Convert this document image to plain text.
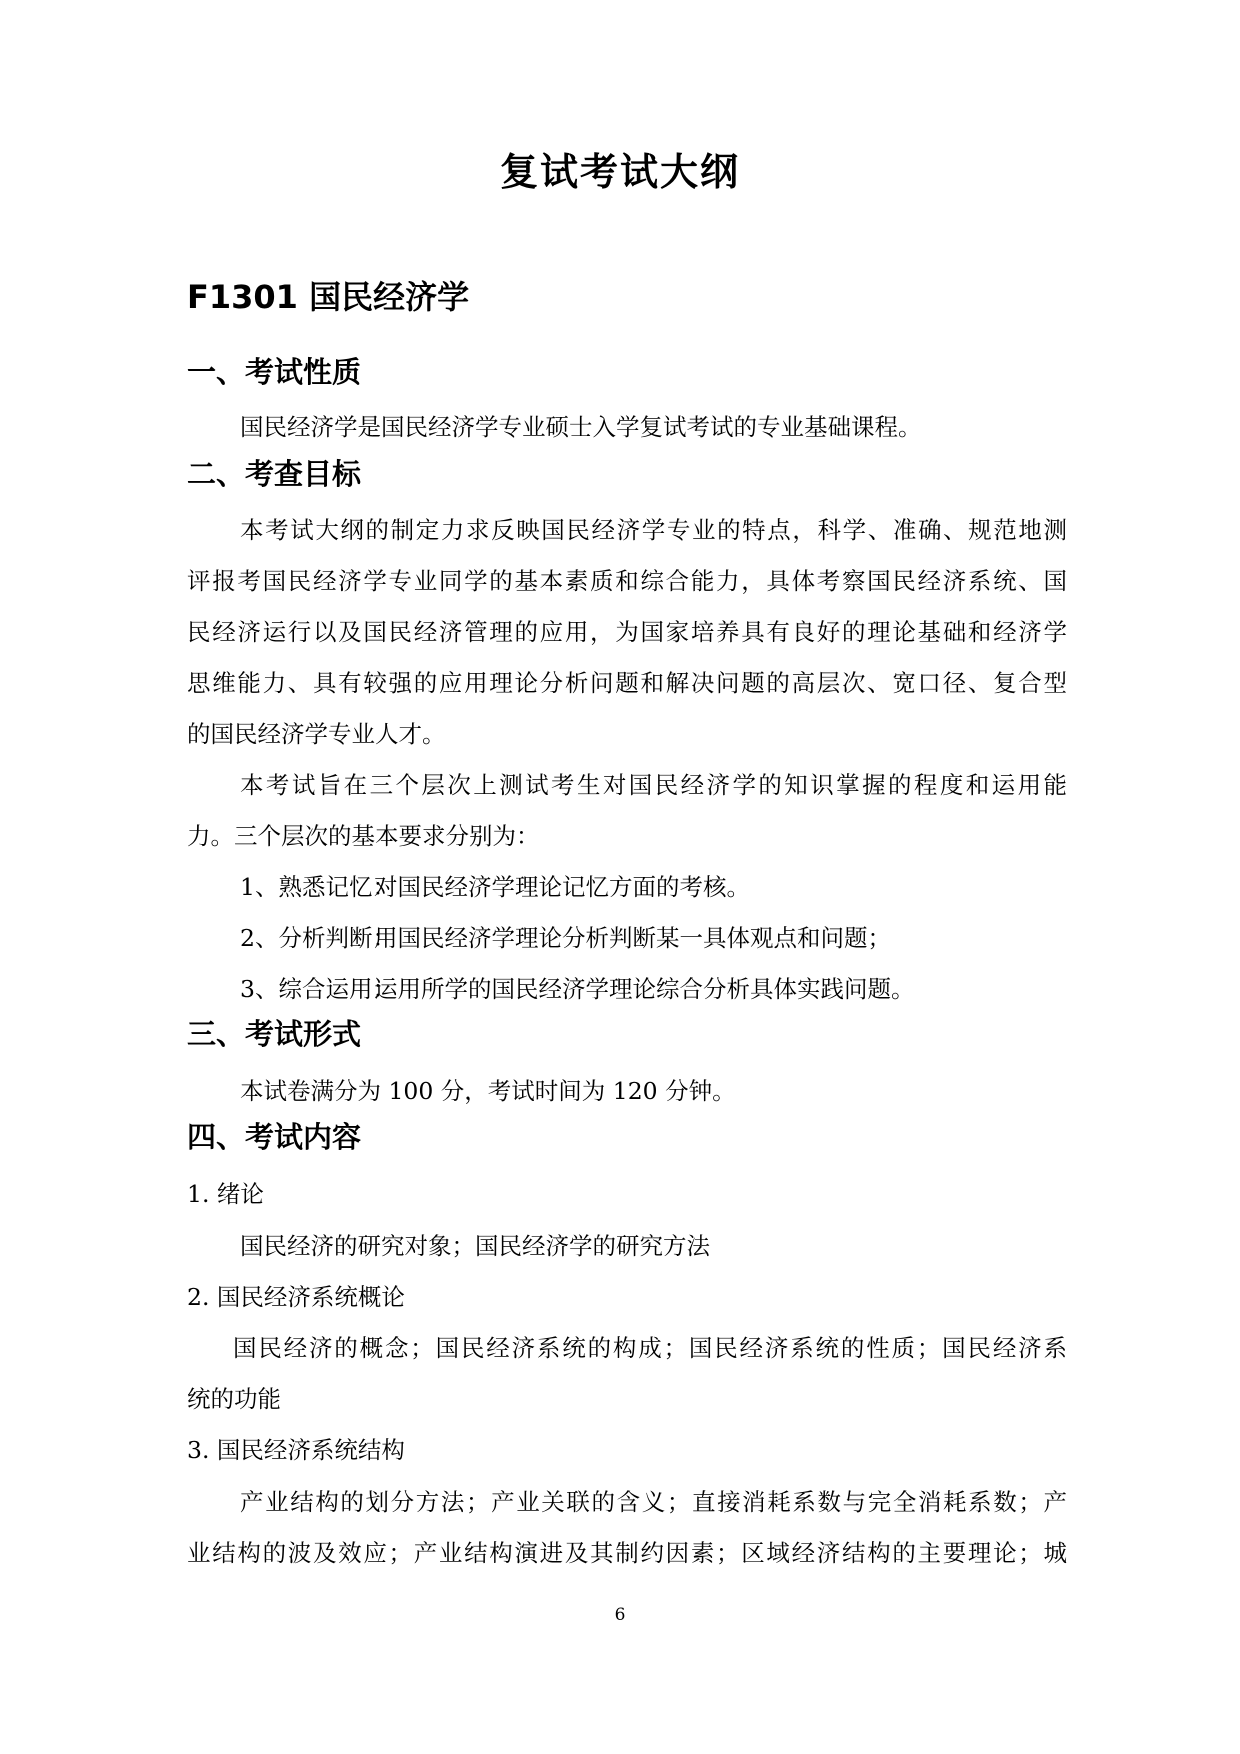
复试考试大纲
F1301 国民经济学
一、考试性质
国民经济学是国民经济学专业硕士入学复试考试的专业基础课程。
二、考查目标
本考试大纲的制定力求反映国民经济学专业的特点，科学、准确、规范地测
评报考国民经济学专业同学的基本素质和综合能力，具体考察国民经济系统、国
民经济运行以及国民经济管理的应用，为国家培养具有良好的理论基础和经济学
思维能力、具有较强的应用理论分析问题和解决问题的高层次、宽口径、复合型
的国民经济学专业人才。
本考试旨在三个层次上测试考生对国民经济学的知识掌握的程度和运用能
力。三个层次的基本要求分别为：
1、熟悉记忆：对国民经济学理论记忆方面的考核。
2、分析判断：用国民经济学理论分析判断某一具体观点和问题；
3、综合运用：运用所学的国民经济学理论综合分析具体实践问题。
三、考试形式
本试卷满分为 100 分，考试时间为 120 分钟。
四、考试内容
1. 绪论
国民经济的研究对象；国民经济学的研究方法
2. 国民经济系统概论
国民经济的概念；国民经济系统的构成；国民经济系统的性质；国民经济系
统的功能
3. 国民经济系统结构
产业结构的划分方法；产业关联的含义；直接消耗系数与完全消耗系数；产
业结构的波及效应；产业结构演进及其制约因素；区域经济结构的主要理论；城
6
